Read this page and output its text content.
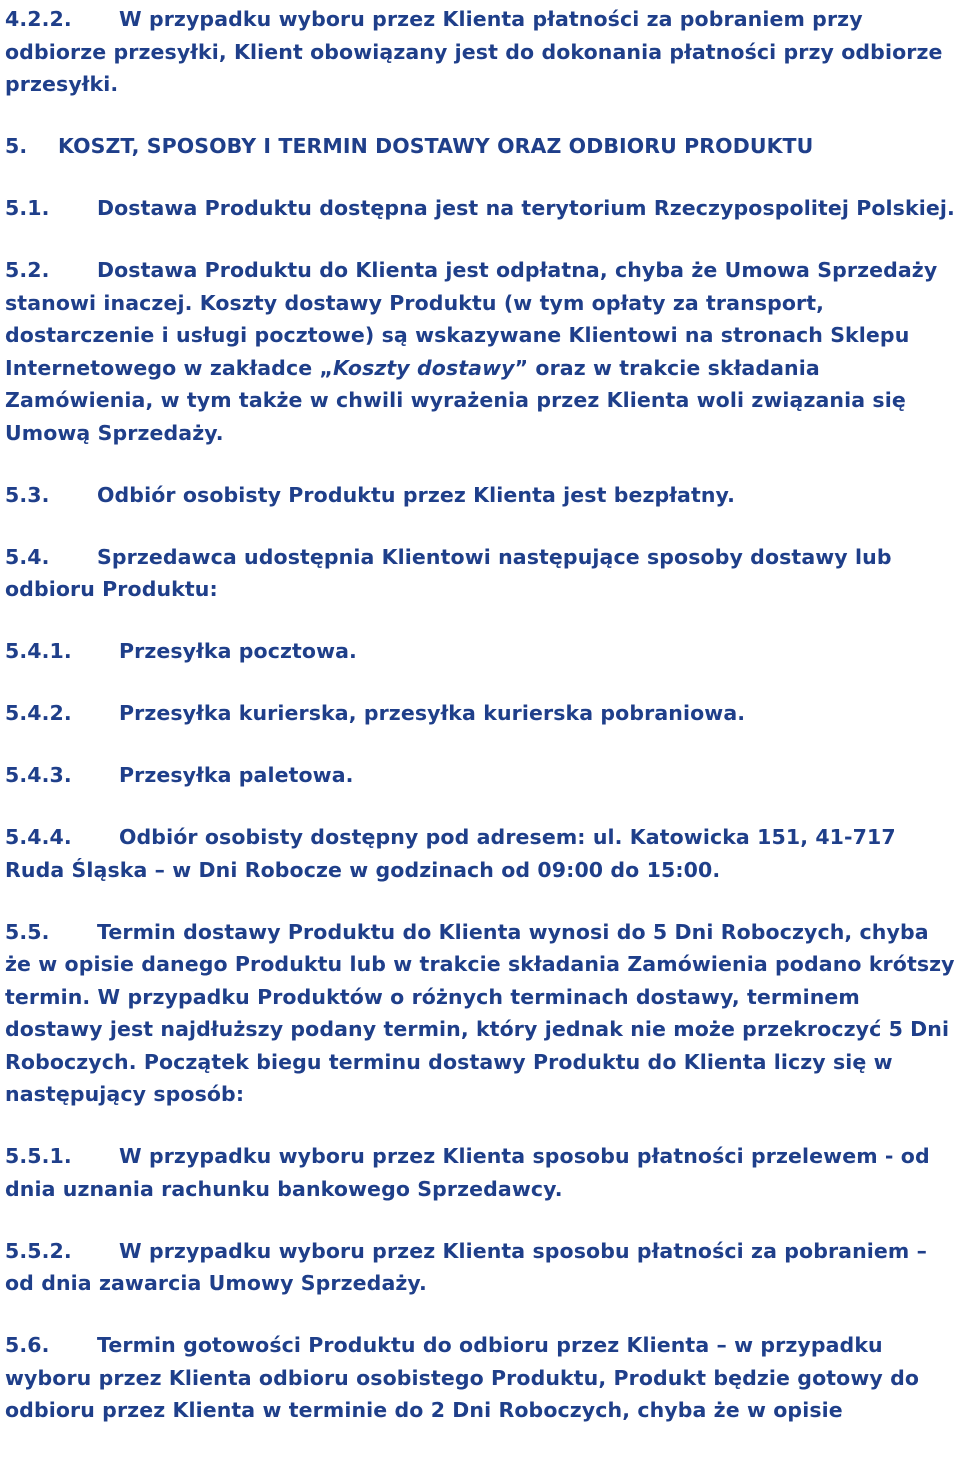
4.2.2. W przypadku wyboru przez Klienta płatności za pobraniem przy odbiorze przesyłki, Klient obowiązany jest do dokonania płatności przy odbiorze przesyłki.

5. KOSZT, SPOSOBY I TERMIN DOSTAWY ORAZ ODBIORU PRODUKTU

5.1. Dostawa Produktu dostępna jest na terytorium Rzeczypospolitej Polskiej.

5.2. Dostawa Produktu do Klienta jest odpłatna, chyba że Umowa Sprzedaży stanowi inaczej. Koszty dostawy Produktu (w tym opłaty za transport, dostarczenie i usługi pocztowe) są wskazywane Klientowi na stronach Sklepu Internetowego w zakładce „Koszty dostawy” oraz w trakcie składania Zamówienia, w tym także w chwili wyrażenia przez Klienta woli związania się Umową Sprzedaży.

5.3. Odbiór osobisty Produktu przez Klienta jest bezpłatny.

5.4. Sprzedawca udostępnia Klientowi następujące sposoby dostawy lub odbioru Produktu:

5.4.1. Przesyłka pocztowa.

5.4.2. Przesyłka kurierska, przesyłka kurierska pobraniowa.

5.4.3. Przesyłka paletowa.

5.4.4. Odbiór osobisty dostępny pod adresem: ul. Katowicka 151, 41-717 Ruda Śląska – w Dni Robocze w godzinach od 09:00 do 15:00.

5.5. Termin dostawy Produktu do Klienta wynosi do 5 Dni Roboczych, chyba że w opisie danego Produktu lub w trakcie składania Zamówienia podano krótszy termin. W przypadku Produktów o różnych terminach dostawy, terminem dostawy jest najdłuższy podany termin, który jednak nie może przekroczyć 5 Dni Roboczych. Początek biegu terminu dostawy Produktu do Klienta liczy się w następujący sposób:

5.5.1. W przypadku wyboru przez Klienta sposobu płatności przelewem - od dnia uznania rachunku bankowego Sprzedawcy.

5.5.2. W przypadku wyboru przez Klienta sposobu płatności za pobraniem – od dnia zawarcia Umowy Sprzedaży.

5.6. Termin gotowości Produktu do odbioru przez Klienta – w przypadku wyboru przez Klienta odbioru osobistego Produktu, Produkt będzie gotowy do odbioru przez Klienta w terminie do 2 Dni Roboczych, chyba że w opisie
